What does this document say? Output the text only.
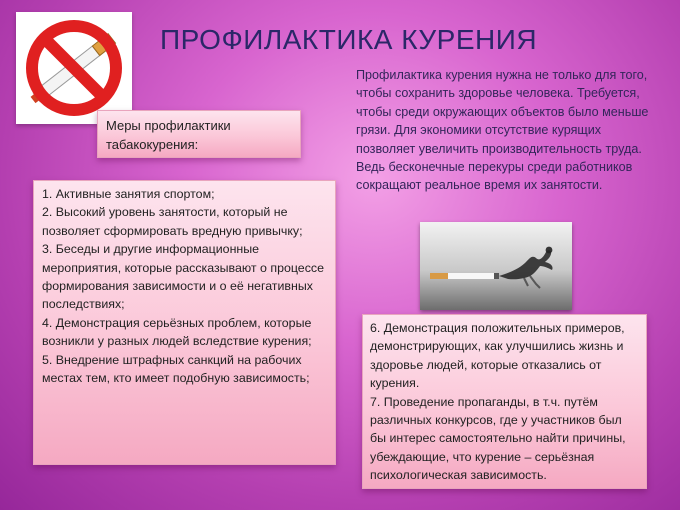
ПРОФИЛАКТИКА КУРЕНИЯ
Профилактика курения нужна не только для того, чтобы сохранить здоровье человека. Требуется, чтобы среди окружающих объектов было меньше грязи. Для экономики отсутствие курящих позволяет увеличить производительность труда. Ведь бесконечные перекуры среди работников сокращают реальное время их занятости.
Меры профилактики табакокурения:
1. Активные занятия спортом;
2. Высокий уровень занятости, который не позволяет сформировать вредную привычку;
3. Беседы и другие информационные мероприятия, которые рассказывают о процессе формирования зависимости и о её негативных последствиях;
4. Демонстрация серьёзных проблем, которые возникли у разных людей вследствие курения;
5. Внедрение штрафных санкций на рабочих местах тем, кто имеет подобную зависимость;
6. Демонстрация положительных примеров, демонстрирующих, как улучшились жизнь и здоровье людей, которые отказались от курения.
7. Проведение пропаганды, в т.ч. путём различных конкурсов, где у участников был бы интерес самостоятельно найти причины, убеждающие, что курение – серьёзная психологическая зависимость.
